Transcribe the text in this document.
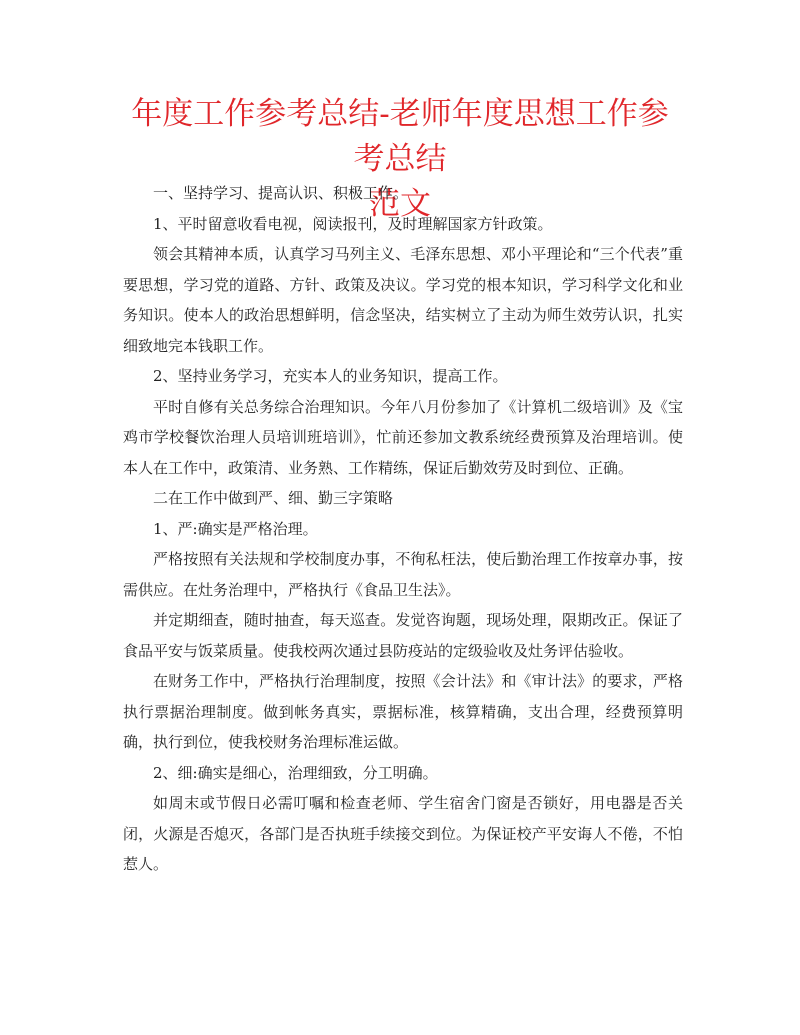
年度工作参考总结-老师年度思想工作参考总结
范文

一、坚持学习、提高认识、积极工作。

1、平时留意收看电视，阅读报刊，及时理解国家方针政策。

领会其精神本质，认真学习马列主义、毛泽东思想、邓小平理论和“三个代表”重要思想，学习党的道路、方针、政策及决议。学习党的根本知识，学习科学文化和业务知识。使本人的政治思想鲜明，信念坚决，结实树立了主动为师生效劳认识，扎实细致地完本钱职工作。

2、坚持业务学习，充实本人的业务知识，提高工作。

平时自修有关总务综合治理知识。今年八月份参加了《计算机二级培训》及《宝鸡市学校餐饮治理人员培训班培训》，忙前还参加文教系统经费预算及治理培训。使本人在工作中，政策清、业务熟、工作精练，保证后勤效劳及时到位、正确。

二在工作中做到严、细、勤三字策略

1、严:确实是严格治理。

严格按照有关法规和学校制度办事，不徇私枉法，使后勤治理工作按章办事，按需供应。在灶务治理中，严格执行《食品卫生法》。

并定期细查，随时抽查，每天巡查。发觉咨询题，现场处理，限期改正。保证了食品平安与饭菜质量。使我校两次通过县防疫站的定级验收及灶务评估验收。

在财务工作中，严格执行治理制度，按照《会计法》和《审计法》的要求，严格执行票据治理制度。做到帐务真实，票据标准，核算精确，支出合理，经费预算明确，执行到位，使我校财务治理标准运做。

2、细:确实是细心，治理细致，分工明确。

如周末或节假日必需叮嘱和检查老师、学生宿舍门窗是否锁好，用电器是否关闭，火源是否熄灭，各部门是否执班手续接交到位。为保证校产平安诲人不倦，不怕惹人。
